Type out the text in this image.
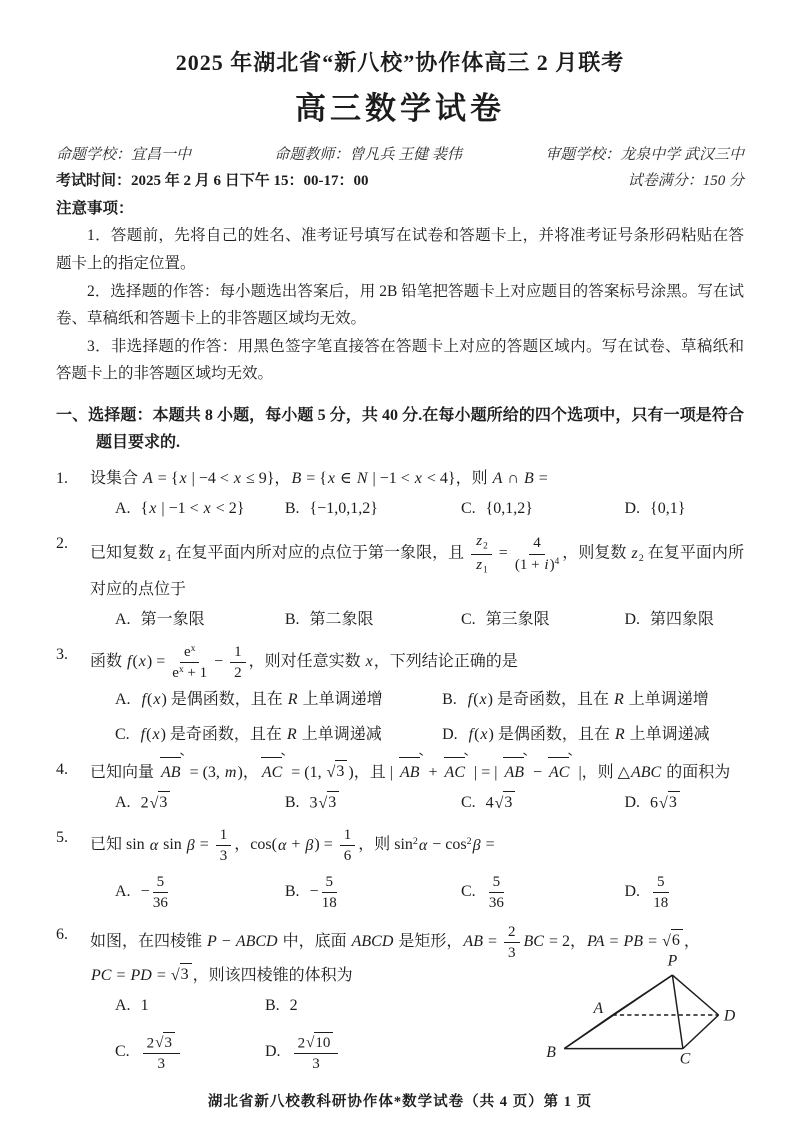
2025 年湖北省“新八校”协作体高三 2 月联考
高三数学试卷
命题学校：宜昌一中	命题教师：曾凡兵 王健 裴伟	审题学校：龙泉中学 武汉三中
考试时间：2025 年 2 月 6 日下午 15：00-17：00	试卷满分：150 分
注意事项：
1．答题前，先将自己的姓名、准考证号填写在试卷和答题卡上，并将准考证号条形码粘贴在答题卡上的指定位置。
2．选择题的作答：每小题选出答案后，用 2B 铅笔把答题卡上对应题目的答案标号涂黑。写在试卷、草稿纸和答题卡上的非答题区域均无效。
3．非选择题的作答：用黑色签字笔直接答在答题卡上对应的答题区域内。写在试卷、草稿纸和答题卡上的非答题区域均无效。
一、选择题：本题共 8 小题，每小题 5 分，共 40 分.在每小题所给的四个选项中，只有一项是符合题目要求的.
1.	设集合 A = {x | −4 < x ≤ 9}，B = {x ∈ N | −1 < x < 4}，则 A ∩ B =
A. {x | −1 < x < 2}	B. {−1,0,1,2}	C. {0,1,2}	D. {0,1}
2.
已知复数 $z_1$ 在复平面内所对应的点位于第一象限，且 $\frac{z_2}{z_1} = \frac{4}{(1 + i)^4}$ ，则复数 $z_2$ 在复平面内所对应的点位于
A. 第一象限	B. 第二象限	C. 第三象限	D. 第四象限
3.	函数 $f(x) = \frac{e^x}{e^x + 1} - \frac{1}{2}$ ，则对任意实数 x，下列结论正确的是
A. f(x) 是偶函数，且在 R 上单调递增	B. f(x) 是奇函数，且在 R 上单调递增
C. f(x) 是奇函数，且在 R 上单调递减	D. f(x) 是偶函数，且在 R 上单调递减
4.	已知向量 AB = (3, m)， AC = (1, √ 3 )，且 | AB + AC | = | AB − AC |，则 △ABC 的面积为
A. 2 √ 3	B. 3 √ 3	C. 4 √ 3	D. 6 √ 3
5.	已知 sin α $\sin \beta = \frac{1}{3}$ ，$\cos(\alpha + \beta) = \frac{1}{6}$ ，则 $\sin^2\alpha - \cos^2\beta$ =
A. − $\frac{5}{36}$	B. − $\frac{5}{18}$	C. $\frac{5}{36}$	D. $\frac{5}{18}$
6.	如图，在四棱锥 P − ABCD 中，底面 ABCD 是矩形，AB = $\frac{2}{3}$ BC = 2，PA = PB = √ 6 ，
PC = PD = √ 3 ，则该四棱锥的体积为
A. 1	B. 2
C. $\frac{2 √ 3}{3}$	D. $\frac{2 √ 10}{3}$
P
A
B	C
D
湖北省新八校教科研协作体*数学试卷（共 4 页）第 1 页
